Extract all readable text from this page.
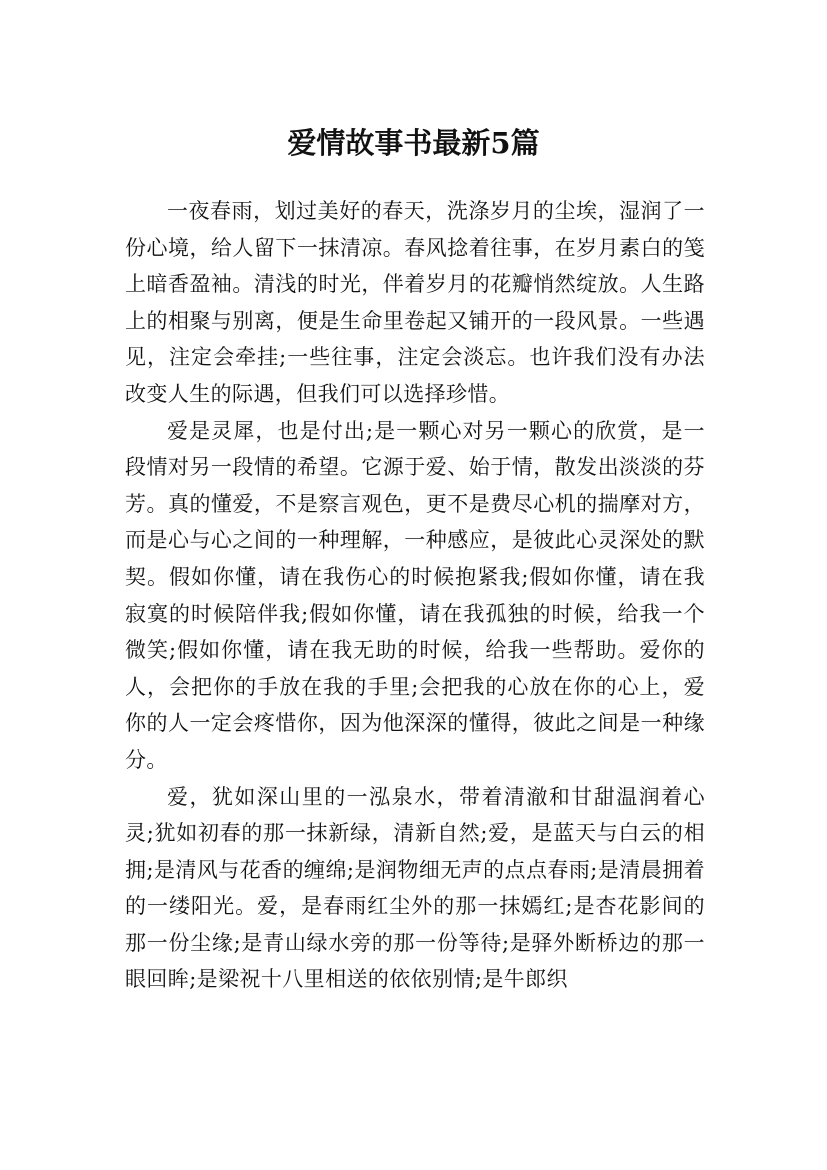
爱情故事书最新5篇

一夜春雨，划过美好的春天，洗涤岁月的尘埃，湿润了一份心境，给人留下一抹清凉。春风捻着往事，在岁月素白的笺上暗香盈袖。清浅的时光，伴着岁月的花瓣悄然绽放。人生路上的相聚与别离，便是生命里卷起又铺开的一段风景。一些遇见，注定会牵挂;一些往事，注定会淡忘。也许我们没有办法改变人生的际遇，但我们可以选择珍惜。

爱是灵犀，也是付出;是一颗心对另一颗心的欣赏，是一段情对另一段情的希望。它源于爱、始于情，散发出淡淡的芬芳。真的懂爱，不是察言观色，更不是费尽心机的揣摩对方，而是心与心之间的一种理解，一种感应，是彼此心灵深处的默契。假如你懂，请在我伤心的时候抱紧我;假如你懂，请在我寂寞的时候陪伴我;假如你懂，请在我孤独的时候，给我一个微笑;假如你懂，请在我无助的时候，给我一些帮助。爱你的人，会把你的手放在我的手里;会把我的心放在你的心上，爱你的人一定会疼惜你，因为他深深的懂得，彼此之间是一种缘分。

爱，犹如深山里的一泓泉水，带着清澈和甘甜温润着心灵;犹如初春的那一抹新绿，清新自然;爱，是蓝天与白云的相拥;是清风与花香的缠绵;是润物细无声的点点春雨;是清晨拥着的一缕阳光。爱，是春雨红尘外的那一抹嫣红;是杏花影间的那一份尘缘;是青山绿水旁的那一份等待;是驿外断桥边的那一眼回眸;是梁祝十八里相送的依依别情;是牛郎织
